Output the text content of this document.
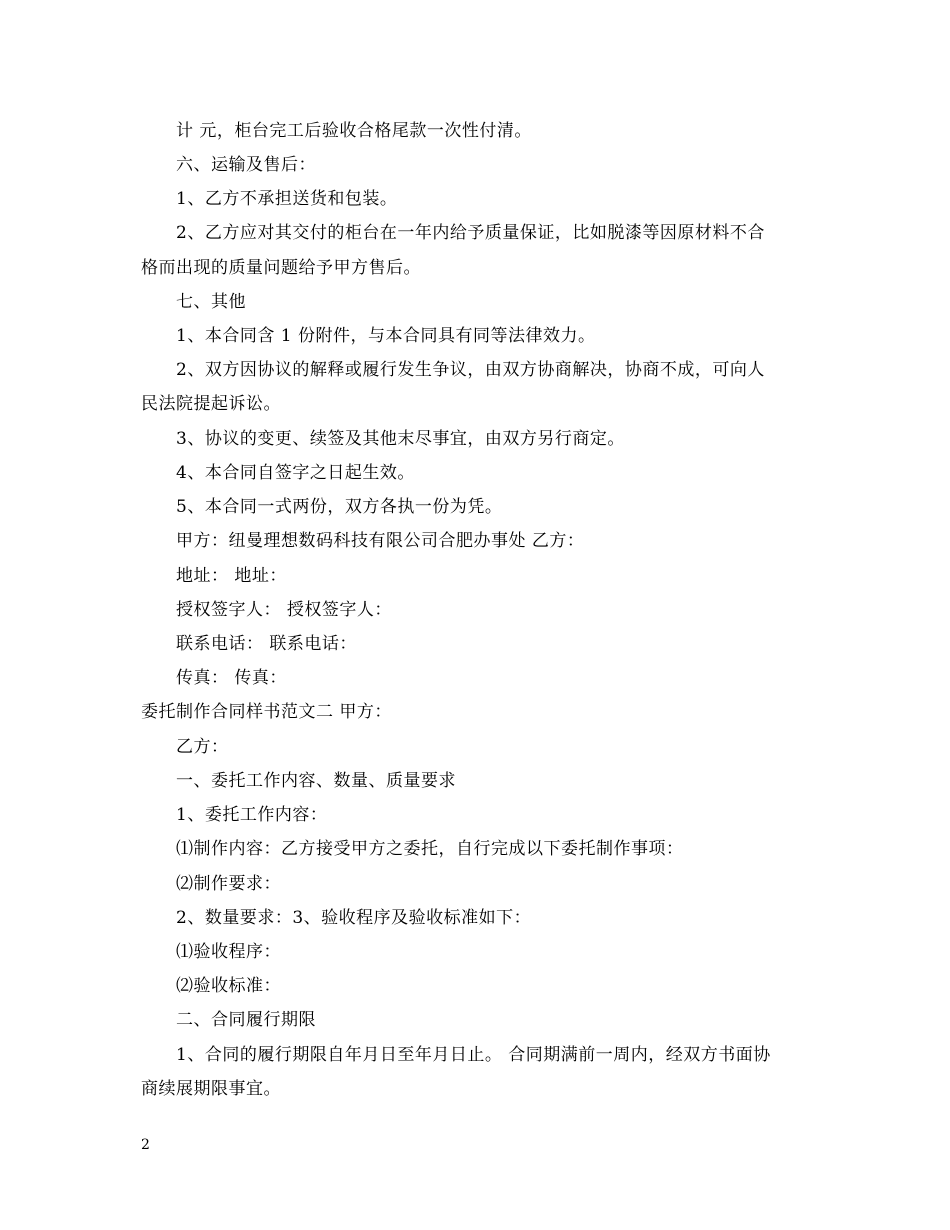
计 元，柜台完工后验收合格尾款一次性付清。
六、运输及售后：
1、乙方不承担送货和包装。
2、乙方应对其交付的柜台在一年内给予质量保证，比如脱漆等因原材料不合
格而出现的质量问题给予甲方售后。
七、其他
1、本合同含 1 份附件，与本合同具有同等法律效力。
2、双方因协议的解释或履行发生争议，由双方协商解决，协商不成，可向人
民法院提起诉讼。
3、协议的变更、续签及其他末尽事宜，由双方另行商定。
4、本合同自签字之日起生效。
5、本合同一式两份，双方各执一份为凭。
甲方：纽曼理想数码科技有限公司合肥办事处 乙方：
地址： 地址：
授权签字人： 授权签字人：
联系电话： 联系电话：
传真： 传真：
委托制作合同样书范文二 甲方：
乙方：
一、委托工作内容、数量、质量要求
1、委托工作内容：
⑴制作内容：乙方接受甲方之委托，自行完成以下委托制作事项：
⑵制作要求：
2、数量要求：3、验收程序及验收标准如下：
⑴验收程序：
⑵验收标准：
二、合同履行期限
1、合同的履行期限自年月日至年月日止。 合同期满前一周内，经双方书面协
商续展期限事宜。
2
